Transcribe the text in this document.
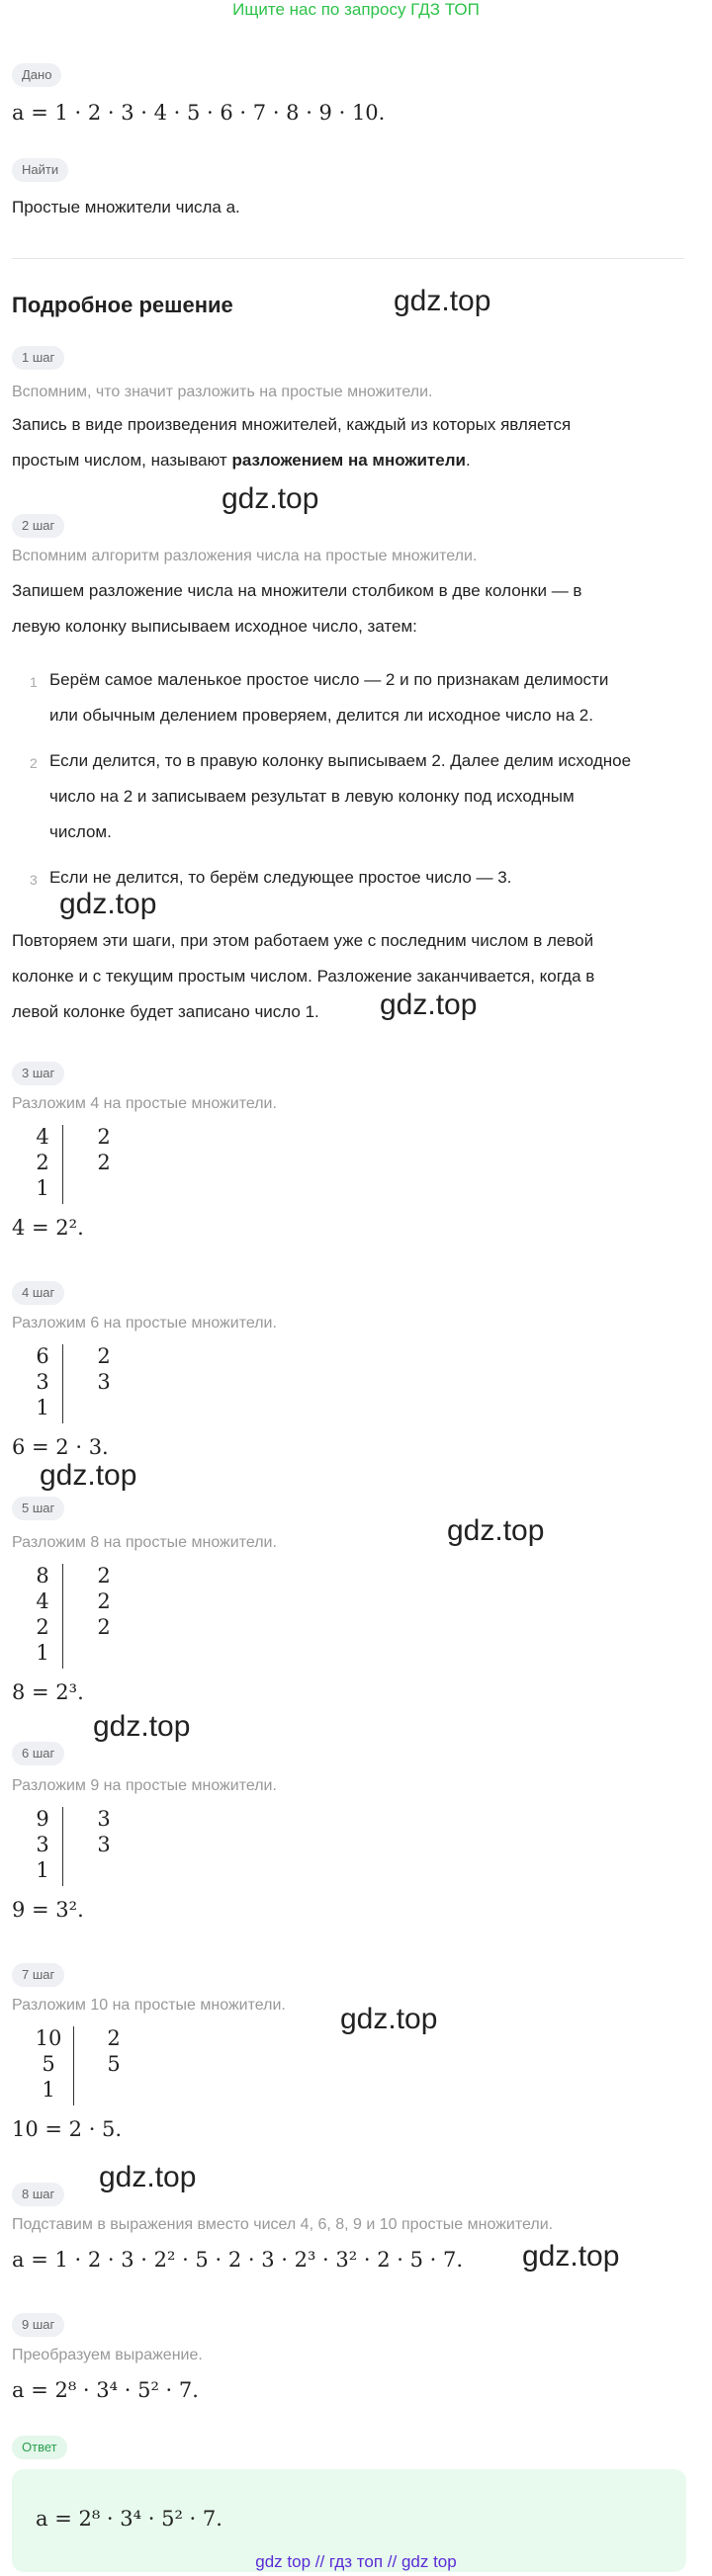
Ищите нас по запросу ГДЗ ТОП
Дано
a = 1 · 2 · 3 · 4 · 5 · 6 · 7 · 8 · 9 · 10.
Найти
Простые множители числа a.
Подробное решение	gdz.top
1 шаг
Вспомним, что значит разложить на простые множители.
Запись в виде произведения множителей, каждый из которых является
простым числом, называют разложением на множители.
gdz.top
2 шаг
Вспомним алгоритм разложения числа на простые множители.
Запишем разложение числа на множители столбиком в две колонки — в
левую колонку выписываем исходное число, затем:
1 Берём самое маленькое простое число — 2 и по признакам делимости
или обычным делением проверяем, делится ли исходное число на 2.
2 Если делится, то в правую колонку выписываем 2. Далее делим исходное
число на 2 и записываем результат в левую колонку под исходным
числом.
3 Если не делится, то берём следующее простое число — 3.
gdz.top
Повторяем эти шаги, при этом работаем уже с последним числом в левой
колонке и с текущим простым числом. Разложение заканчивается, когда в
левой колонке будет записано число 1.	gdz.top
3 шаг
Разложим 4 на простые множители.
4
2
1
2
2
4 = 2².
4 шаг
Разложим 6 на простые множители.
6
3
1
2
3
6 = 2 · 3.
gdz.top
5 шаг
gdz.top
Разложим 8 на простые множители.
8
4
2
1
2
2
2
8 = 2³.
gdz.top
6 шаг
Разложим 9 на простые множители.
9
3
1
3
3
9 = 3².
7 шаг
Разложим 10 на простые множители. gdz.top
10
5
1
2
5
10 = 2 · 5.
gdz.top
8 шаг
Подставим в выражения вместо чисел 4, 6, 8, 9 и 10 простые множители.
a = 1 · 2 · 3 · 2² · 5 · 2 · 3 · 2³ · 3² · 2 · 5 · 7. gdz.top
9 шаг
Преобразуем выражение.
a = 2⁸ · 3⁴ · 5² · 7.
Ответ
a = 2⁸ · 3⁴ · 5² · 7.
gdz top // гдз топ // gdz top
